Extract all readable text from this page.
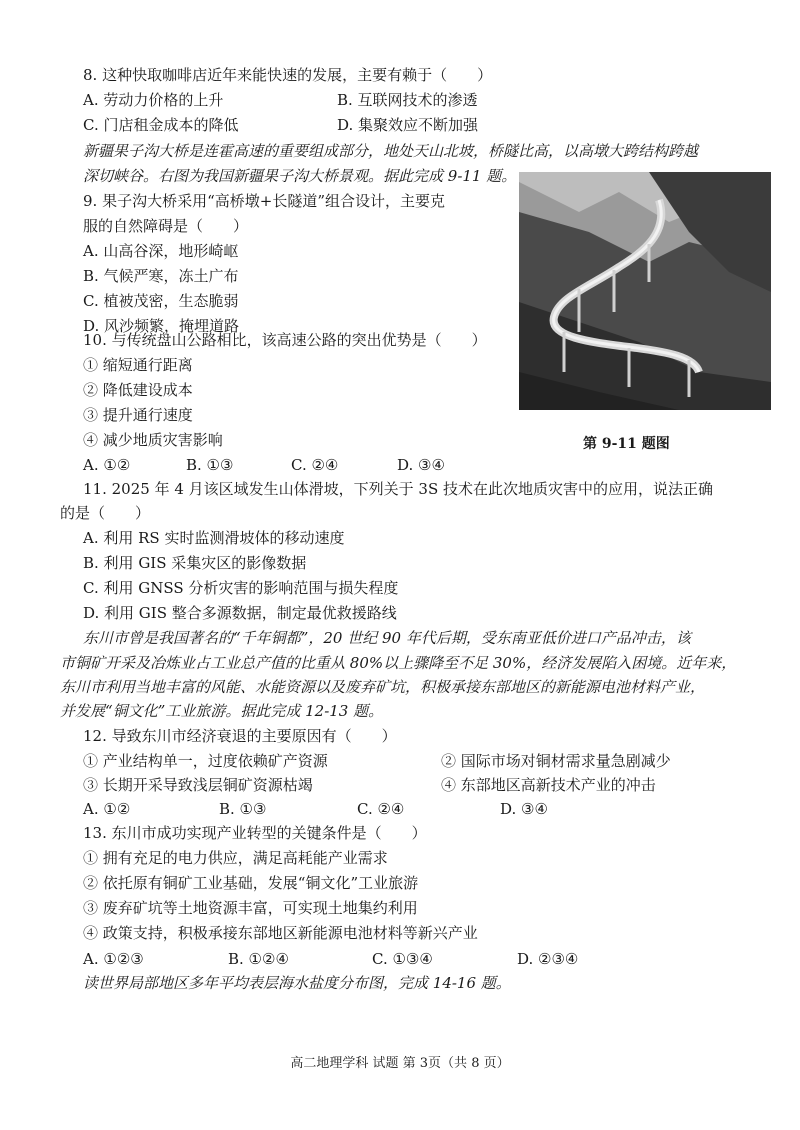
8. 这种快取咖啡店近年来能快速的发展，主要有赖于（　　）
A. 劳动力价格的上升	B. 互联网技术的渗透
C. 门店租金成本的降低	D. 集聚效应不断加强
新疆果子沟大桥是连霍高速的重要组成部分，地处天山北坡，桥隧比高，以高墩大跨结构跨越
深切峡谷。右图为我国新疆果子沟大桥景观。据此完成 9-11 题。
9. 果子沟大桥采用“高桥墩+长隧道”组合设计，主要克
服的自然障碍是（　　）
A. 山高谷深，地形崎岖
B. 气候严寒，冻土广布
C. 植被茂密，生态脆弱
D. 风沙频繁，掩埋道路
第 9-11 题图
10. 与传统盘山公路相比，该高速公路的突出优势是（　　）
① 缩短通行距离
② 降低建设成本
③ 提升通行速度
④ 减少地质灾害影响
A. ①②	B. ①③	C. ②④	D. ③④
11. 2025 年 4 月该区域发生山体滑坡，下列关于 3S 技术在此次地质灾害中的应用，说法正确
的是（　　）
A. 利用 RS 实时监测滑坡体的移动速度
B. 利用 GIS 采集灾区的影像数据
C. 利用 GNSS 分析灾害的影响范围与损失程度
D. 利用 GIS 整合多源数据，制定最优救援路线
东川市曾是我国著名的“千年铜都”，20 世纪 90 年代后期，受东南亚低价进口产品冲击，该
市铜矿开采及冶炼业占工业总产值的比重从 80%以上骤降至不足 30%，经济发展陷入困境。近年来，
东川市利用当地丰富的风能、水能资源以及废弃矿坑，积极承接东部地区的新能源电池材料产业，
并发展“铜文化”工业旅游。据此完成 12-13 题。
12. 导致东川市经济衰退的主要原因有（　　）
① 产业结构单一，过度依赖矿产资源	② 国际市场对铜材需求量急剧减少
③ 长期开采导致浅层铜矿资源枯竭	④ 东部地区高新技术产业的冲击
A. ①②	B. ①③	C. ②④	D. ③④
13. 东川市成功实现产业转型的关键条件是（　　）
① 拥有充足的电力供应，满足高耗能产业需求
② 依托原有铜矿工业基础，发展“铜文化”工业旅游
③ 废弃矿坑等土地资源丰富，可实现土地集约利用
④ 政策支持，积极承接东部地区新能源电池材料等新兴产业
A. ①②③	B. ①②④	C. ①③④	D. ②③④
读世界局部地区多年平均表层海水盐度分布图，完成 14-16 题。
高二地理学科 试题 第 3页（共 8 页）
